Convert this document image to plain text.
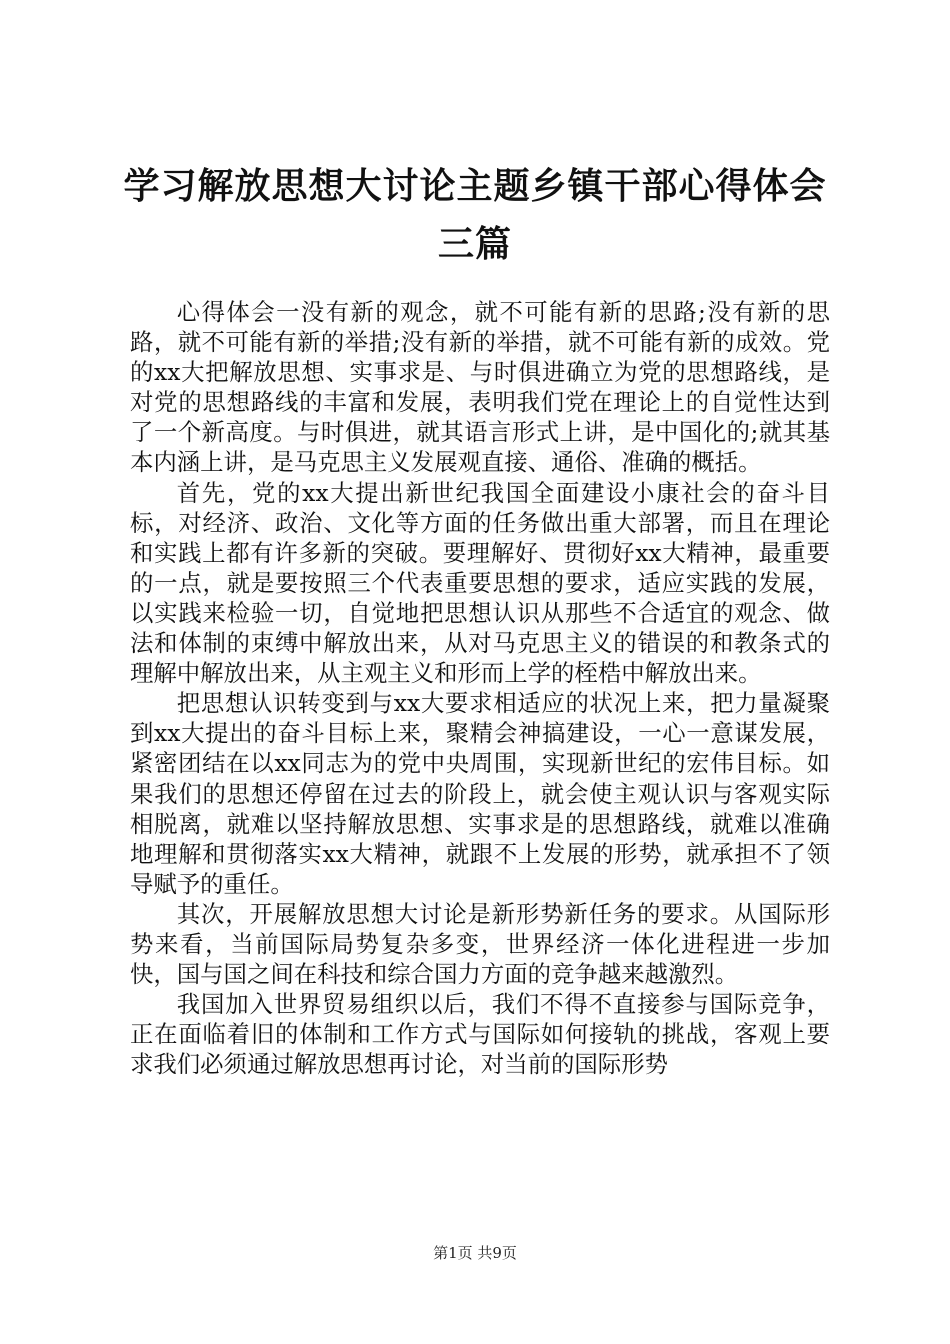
学习解放思想大讨论主题乡镇干部心得体会三篇

心得体会一没有新的观念，就不可能有新的思路;没有新的思路，就不可能有新的举措;没有新的举措，就不可能有新的成效。党的xx大把解放思想、实事求是、与时俱进确立为党的思想路线，是对党的思想路线的丰富和发展，表明我们党在理论上的自觉性达到了一个新高度。与时俱进，就其语言形式上讲，是中国化的;就其基本内涵上讲，是马克思主义发展观直接、通俗、准确的概括。

首先，党的xx大提出新世纪我国全面建设小康社会的奋斗目标，对经济、政治、文化等方面的任务做出重大部署，而且在理论和实践上都有许多新的突破。要理解好、贯彻好xx大精神，最重要的一点，就是要按照三个代表重要思想的要求，适应实践的发展，以实践来检验一切，自觉地把思想认识从那些不合适宜的观念、做法和体制的束缚中解放出来，从对马克思主义的错误的和教条式的理解中解放出来，从主观主义和形而上学的桎梏中解放出来。

把思想认识转变到与xx大要求相适应的状况上来，把力量凝聚到xx大提出的奋斗目标上来，聚精会神搞建设，一心一意谋发展，紧密团结在以xx同志为的党中央周围，实现新世纪的宏伟目标。如果我们的思想还停留在过去的阶段上，就会使主观认识与客观实际相脱离，就难以坚持解放思想、实事求是的思想路线，就难以准确地理解和贯彻落实xx大精神，就跟不上发展的形势，就承担不了领导赋予的重任。

其次，开展解放思想大讨论是新形势新任务的要求。从国际形势来看，当前国际局势复杂多变，世界经济一体化进程进一步加快，国与国之间在科技和综合国力方面的竞争越来越激烈。

我国加入世界贸易组织以后，我们不得不直接参与国际竞争，正在面临着旧的体制和工作方式与国际如何接轨的挑战，客观上要求我们必须通过解放思想再讨论，对当前的国际形势

第1页 共9页
